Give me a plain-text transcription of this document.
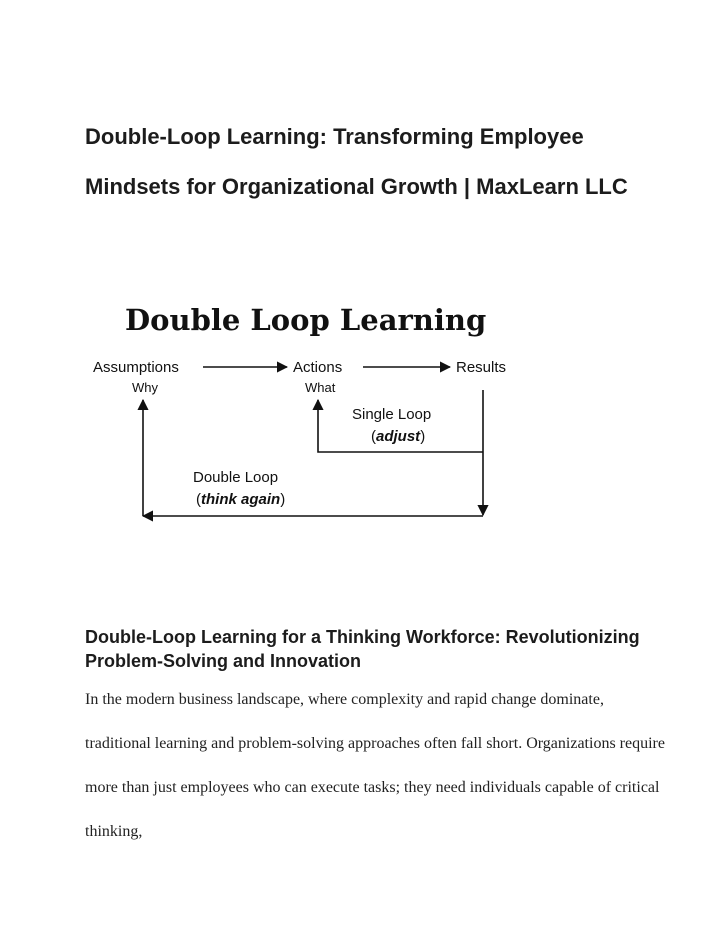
Double-Loop Learning: Transforming Employee Mindsets for Organizational Growth | MaxLearn LLC
Double Loop Learning
Assumptions
Why
Actions
What
Results
Single Loop
(adjust)
Double Loop
(think again)
Double-Loop Learning for a Thinking Workforce: Revolutionizing Problem-Solving and Innovation

In the modern business landscape, where complexity and rapid change dominate, traditional learning and problem-solving approaches often fall short. Organizations require more than just employees who can execute tasks; they need individuals capable of critical thinking,
